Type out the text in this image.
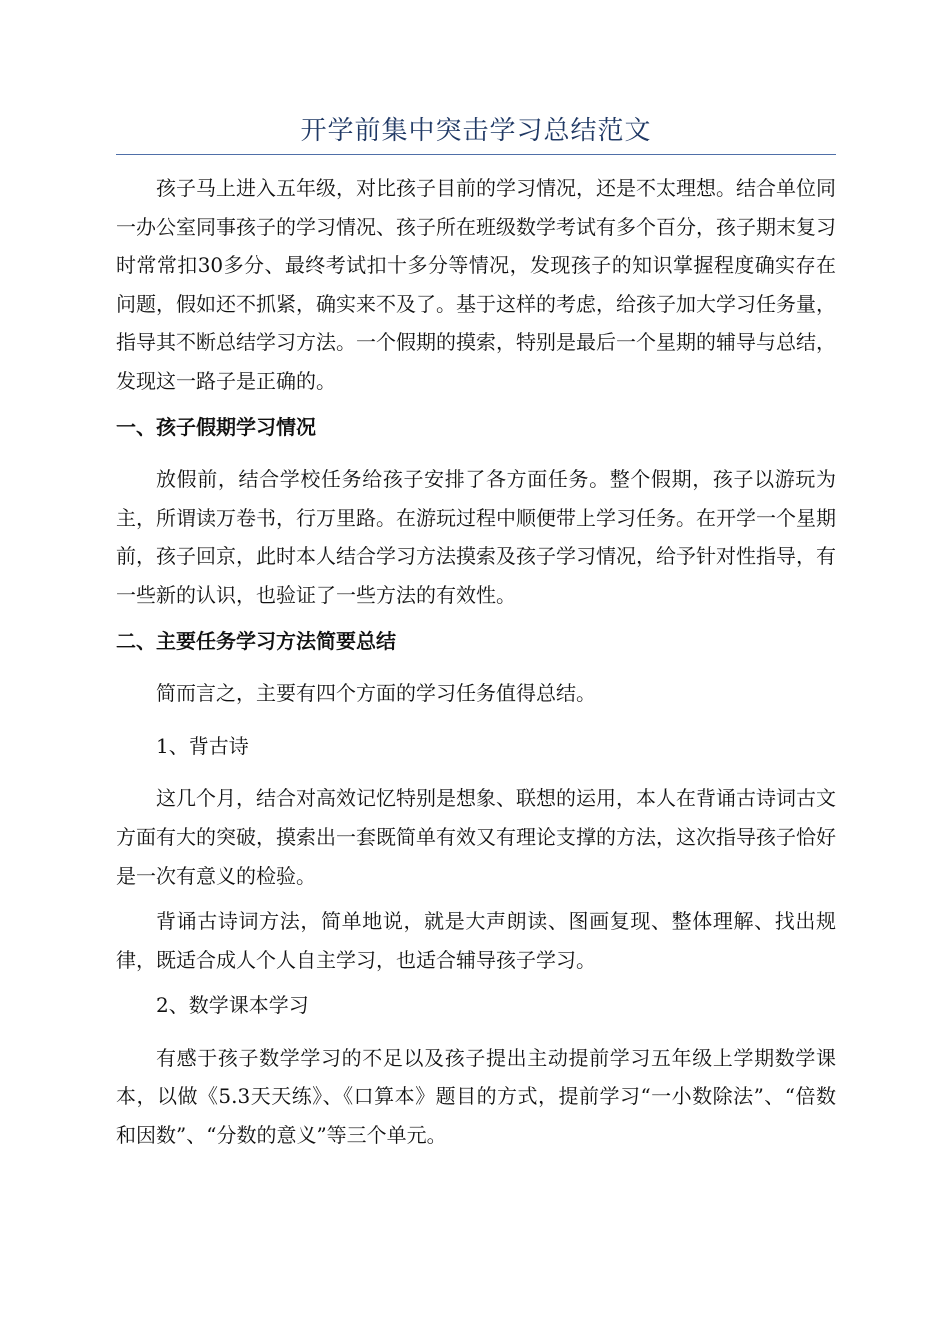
开学前集中突击学习总结范文

孩子马上进入五年级，对比孩子目前的学习情况，还是不太理想。结合单位同一办公室同事孩子的学习情况、孩子所在班级数学考试有多个百分，孩子期末复习时常常扣30多分、最终考试扣十多分等情况，发现孩子的知识掌握程度确实存在问题，假如还不抓紧，确实来不及了。基于这样的考虑，给孩子加大学习任务量，指导其不断总结学习方法。一个假期的摸索，特别是最后一个星期的辅导与总结，发现这一路子是正确的。

一、孩子假期学习情况

放假前，结合学校任务给孩子安排了各方面任务。整个假期，孩子以游玩为主，所谓读万卷书，行万里路。在游玩过程中顺便带上学习任务。在开学一个星期前，孩子回京，此时本人结合学习方法摸索及孩子学习情况，给予针对性指导，有一些新的认识，也验证了一些方法的有效性。

二、主要任务学习方法简要总结

简而言之，主要有四个方面的学习任务值得总结。

1、背古诗

这几个月，结合对高效记忆特别是想象、联想的运用，本人在背诵古诗词古文方面有大的突破，摸索出一套既简单有效又有理论支撑的方法，这次指导孩子恰好是一次有意义的检验。

背诵古诗词方法，简单地说，就是大声朗读、图画复现、整体理解、找出规律，既适合成人个人自主学习，也适合辅导孩子学习。

2、数学课本学习

有感于孩子数学学习的不足以及孩子提出主动提前学习五年级上学期数学课本，以做《5.3天天练》、《口算本》题目的方式，提前学习“一小数除法”、“倍数和因数”、“分数的意义”等三个单元。
